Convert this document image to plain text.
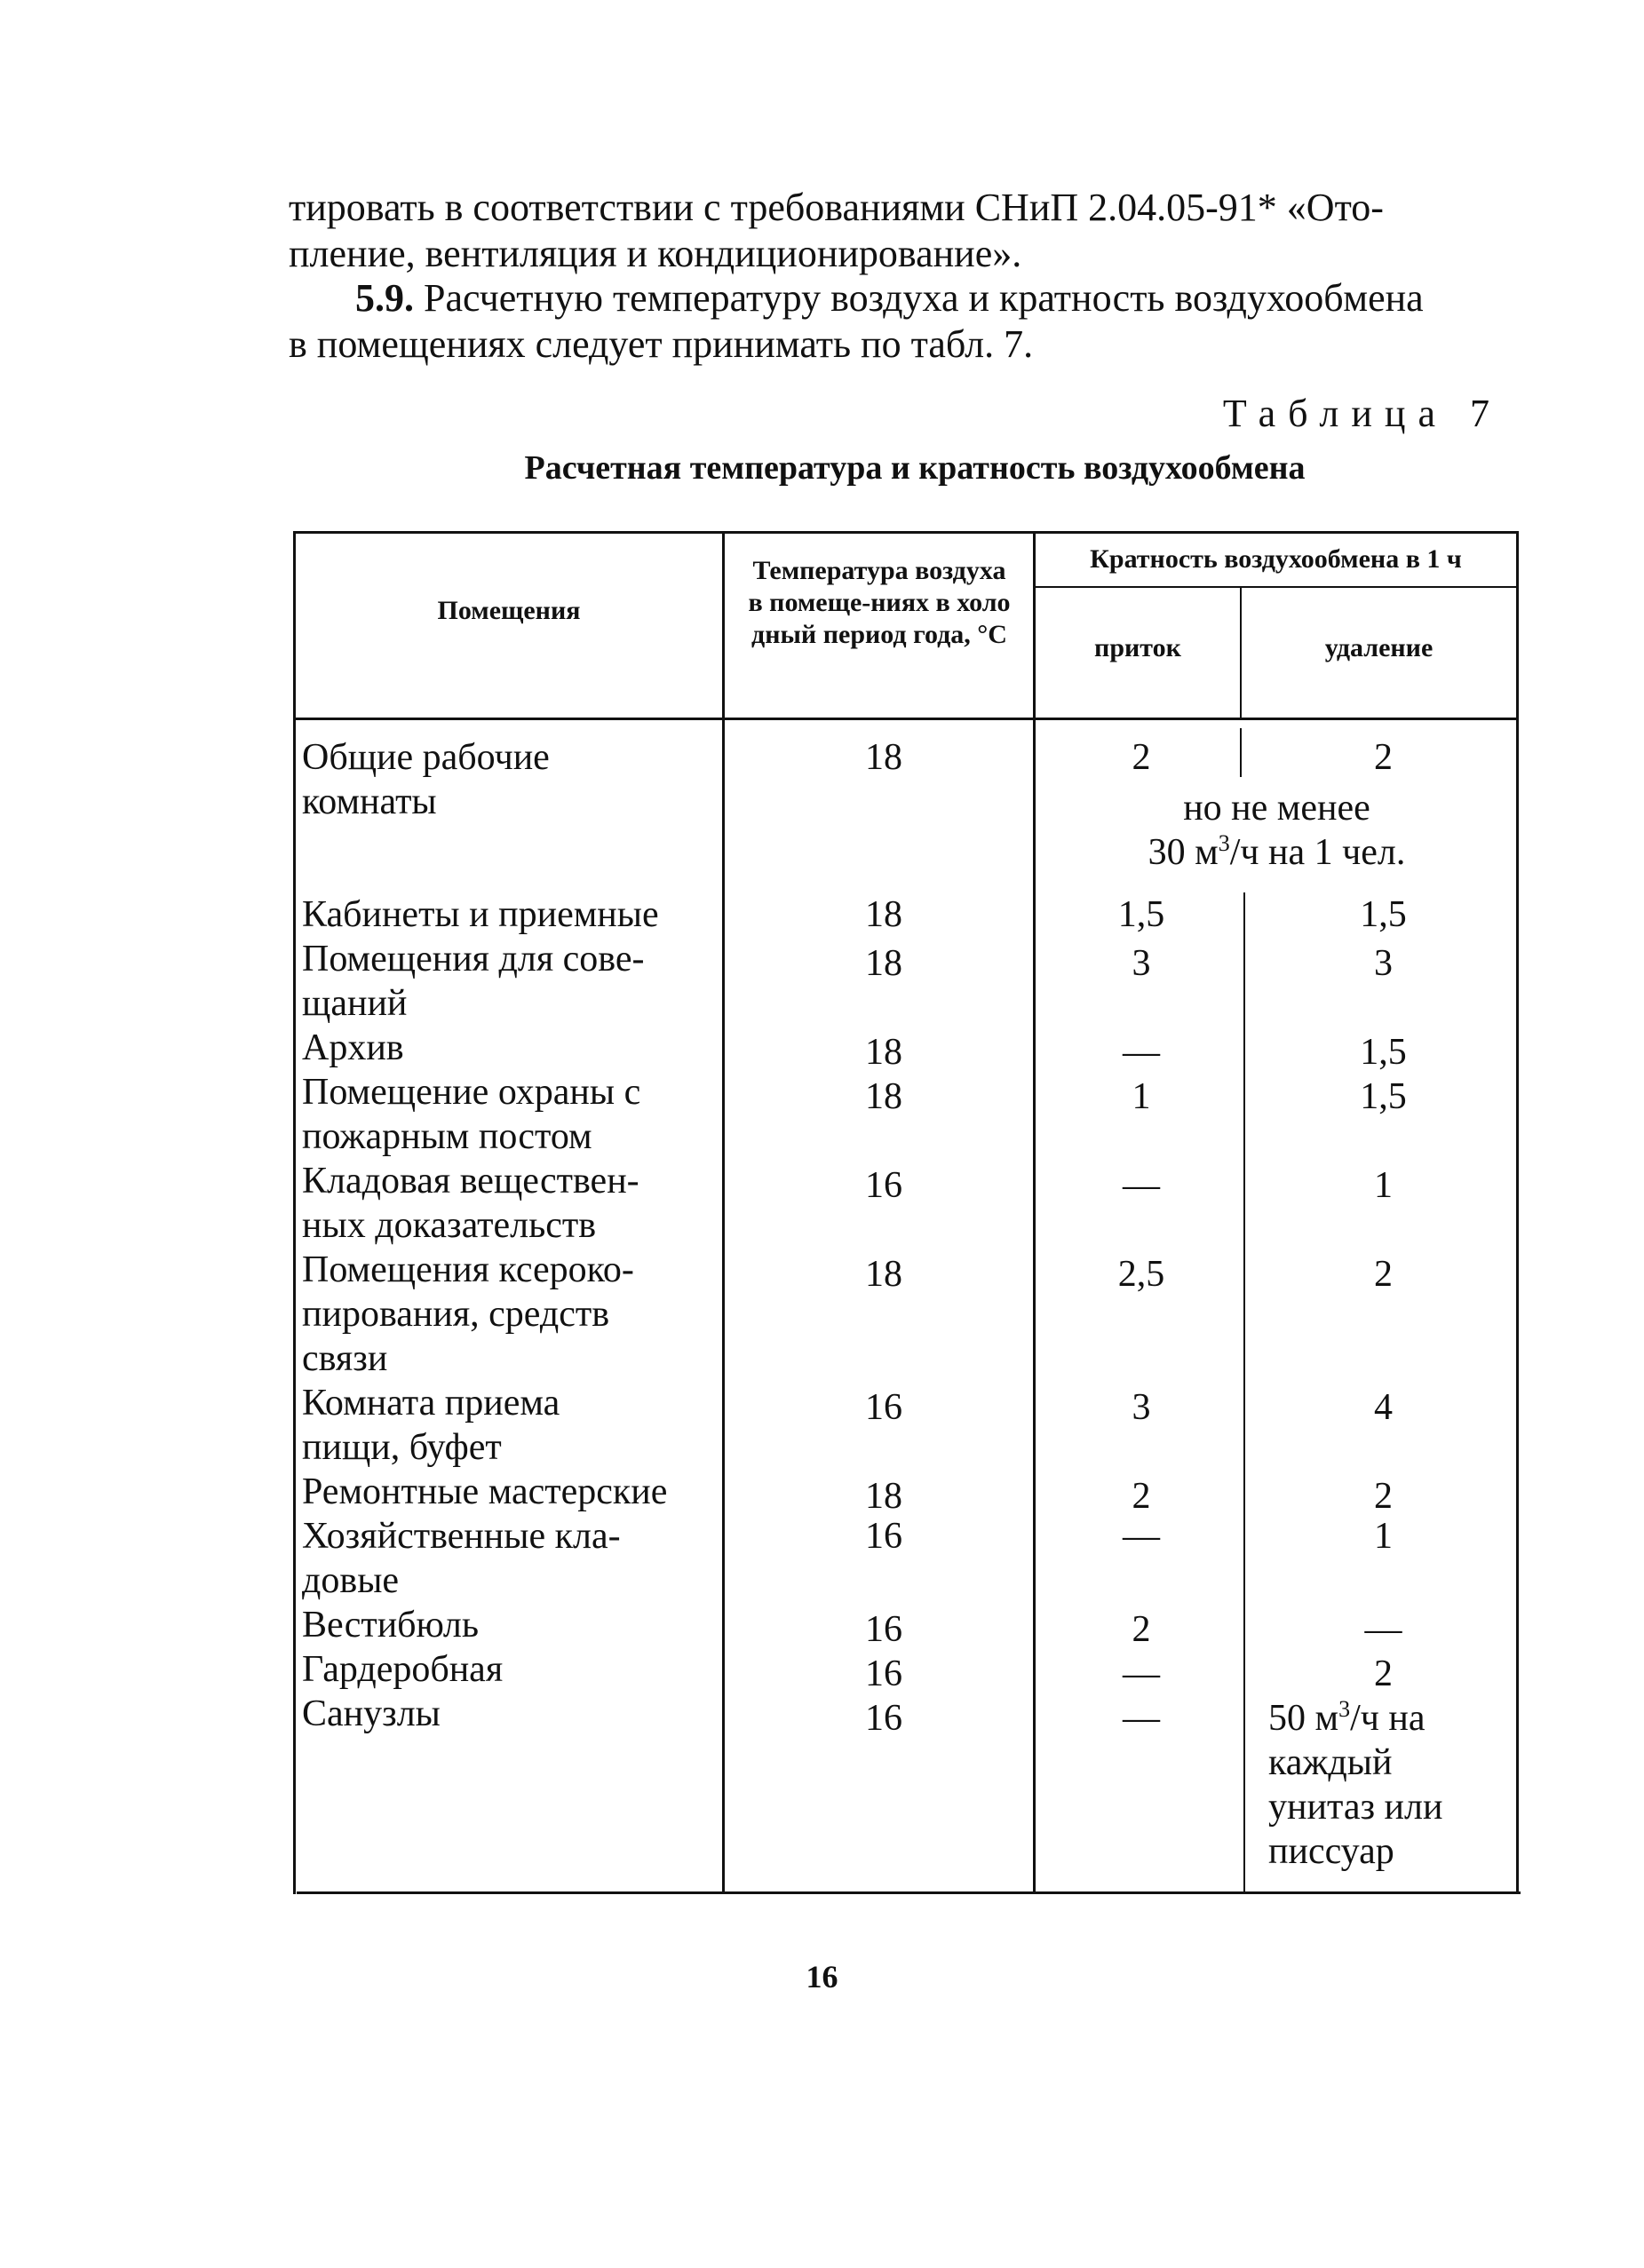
тировать в соответствии с требованиями СНиП 2.04.05-91* «Ото-
пление, вентиляция и кондиционирование».
5.9. Расчетную температуру воздуха и кратность воздухообмена
в помещениях следует принимать по табл. 7.
Таблица 7
Расчетная температура и кратность воздухообмена
Помещения
Температура воздуха в помеще-ниях в холодный период года, °С
Кратность воздухообмена в 1 ч
приток	удаление
Общие рабочие
комнаты
18	2	2
но не менее
30 $м^3/ч$ на 1 чел.
Кабинеты и приемные	18	1,5	1,5
Помещения для сове-
щаний
18	3	3
Архив	18	—	1,5
Помещение охраны с
пожарным постом
18	1	1,5
Кладовая веществен-
ных доказательств
16	—	1
Помещения ксероко-
пирования, средств
связи
18	2,5	2
Комната приема
пищи, буфет
16	3	4
Ремонтные мастерские	18	2	2
Хозяйственные кла-
довые
16	—	1
Вестибюль	16	2	—
Гардеробная	16	—	2
Санузлы	16	—	50 $м^3/ч$ на
каждый
унитаз или
писсуар
16
